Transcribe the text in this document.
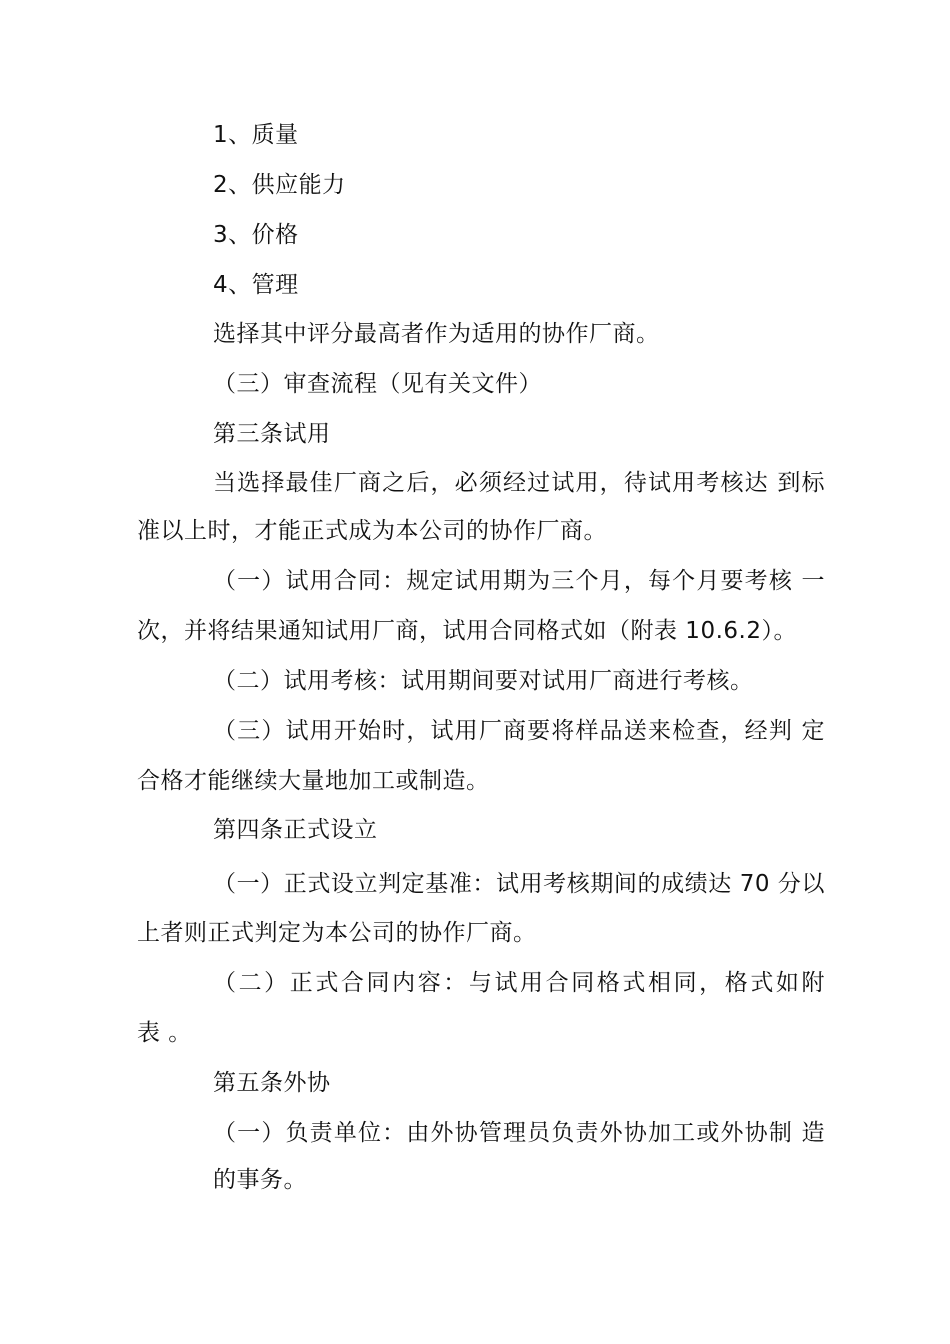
1、质量
2、供应能力
3、价格
4、管理
选择其中评分最高者作为适用的协作厂商。
（三）审查流程（见有关文件）
第三条试用
当选择最佳厂商之后，必须经过试用，待试用考核达 到标
准以上时，才能正式成为本公司的协作厂商。
（一）试用合同：规定试用期为三个月，每个月要考核 一
次，并将结果通知试用厂商，试用合同格式如（附表 10.6.2）。
（二）试用考核：试用期间要对试用厂商进行考核。
（三）试用开始时，试用厂商要将样品送来检查，经判 定
合格才能继续大量地加工或制造。
第四条正式设立
（一）正式设立判定基准：试用考核期间的成绩达 70 分以
上者则正式判定为本公司的协作厂商。
（二）正式合同内容：与试用合同格式相同，格式如附
表 。
第五条外协
（一）负责单位：由外协管理员负责外协加工或外协制 造
的事务。
